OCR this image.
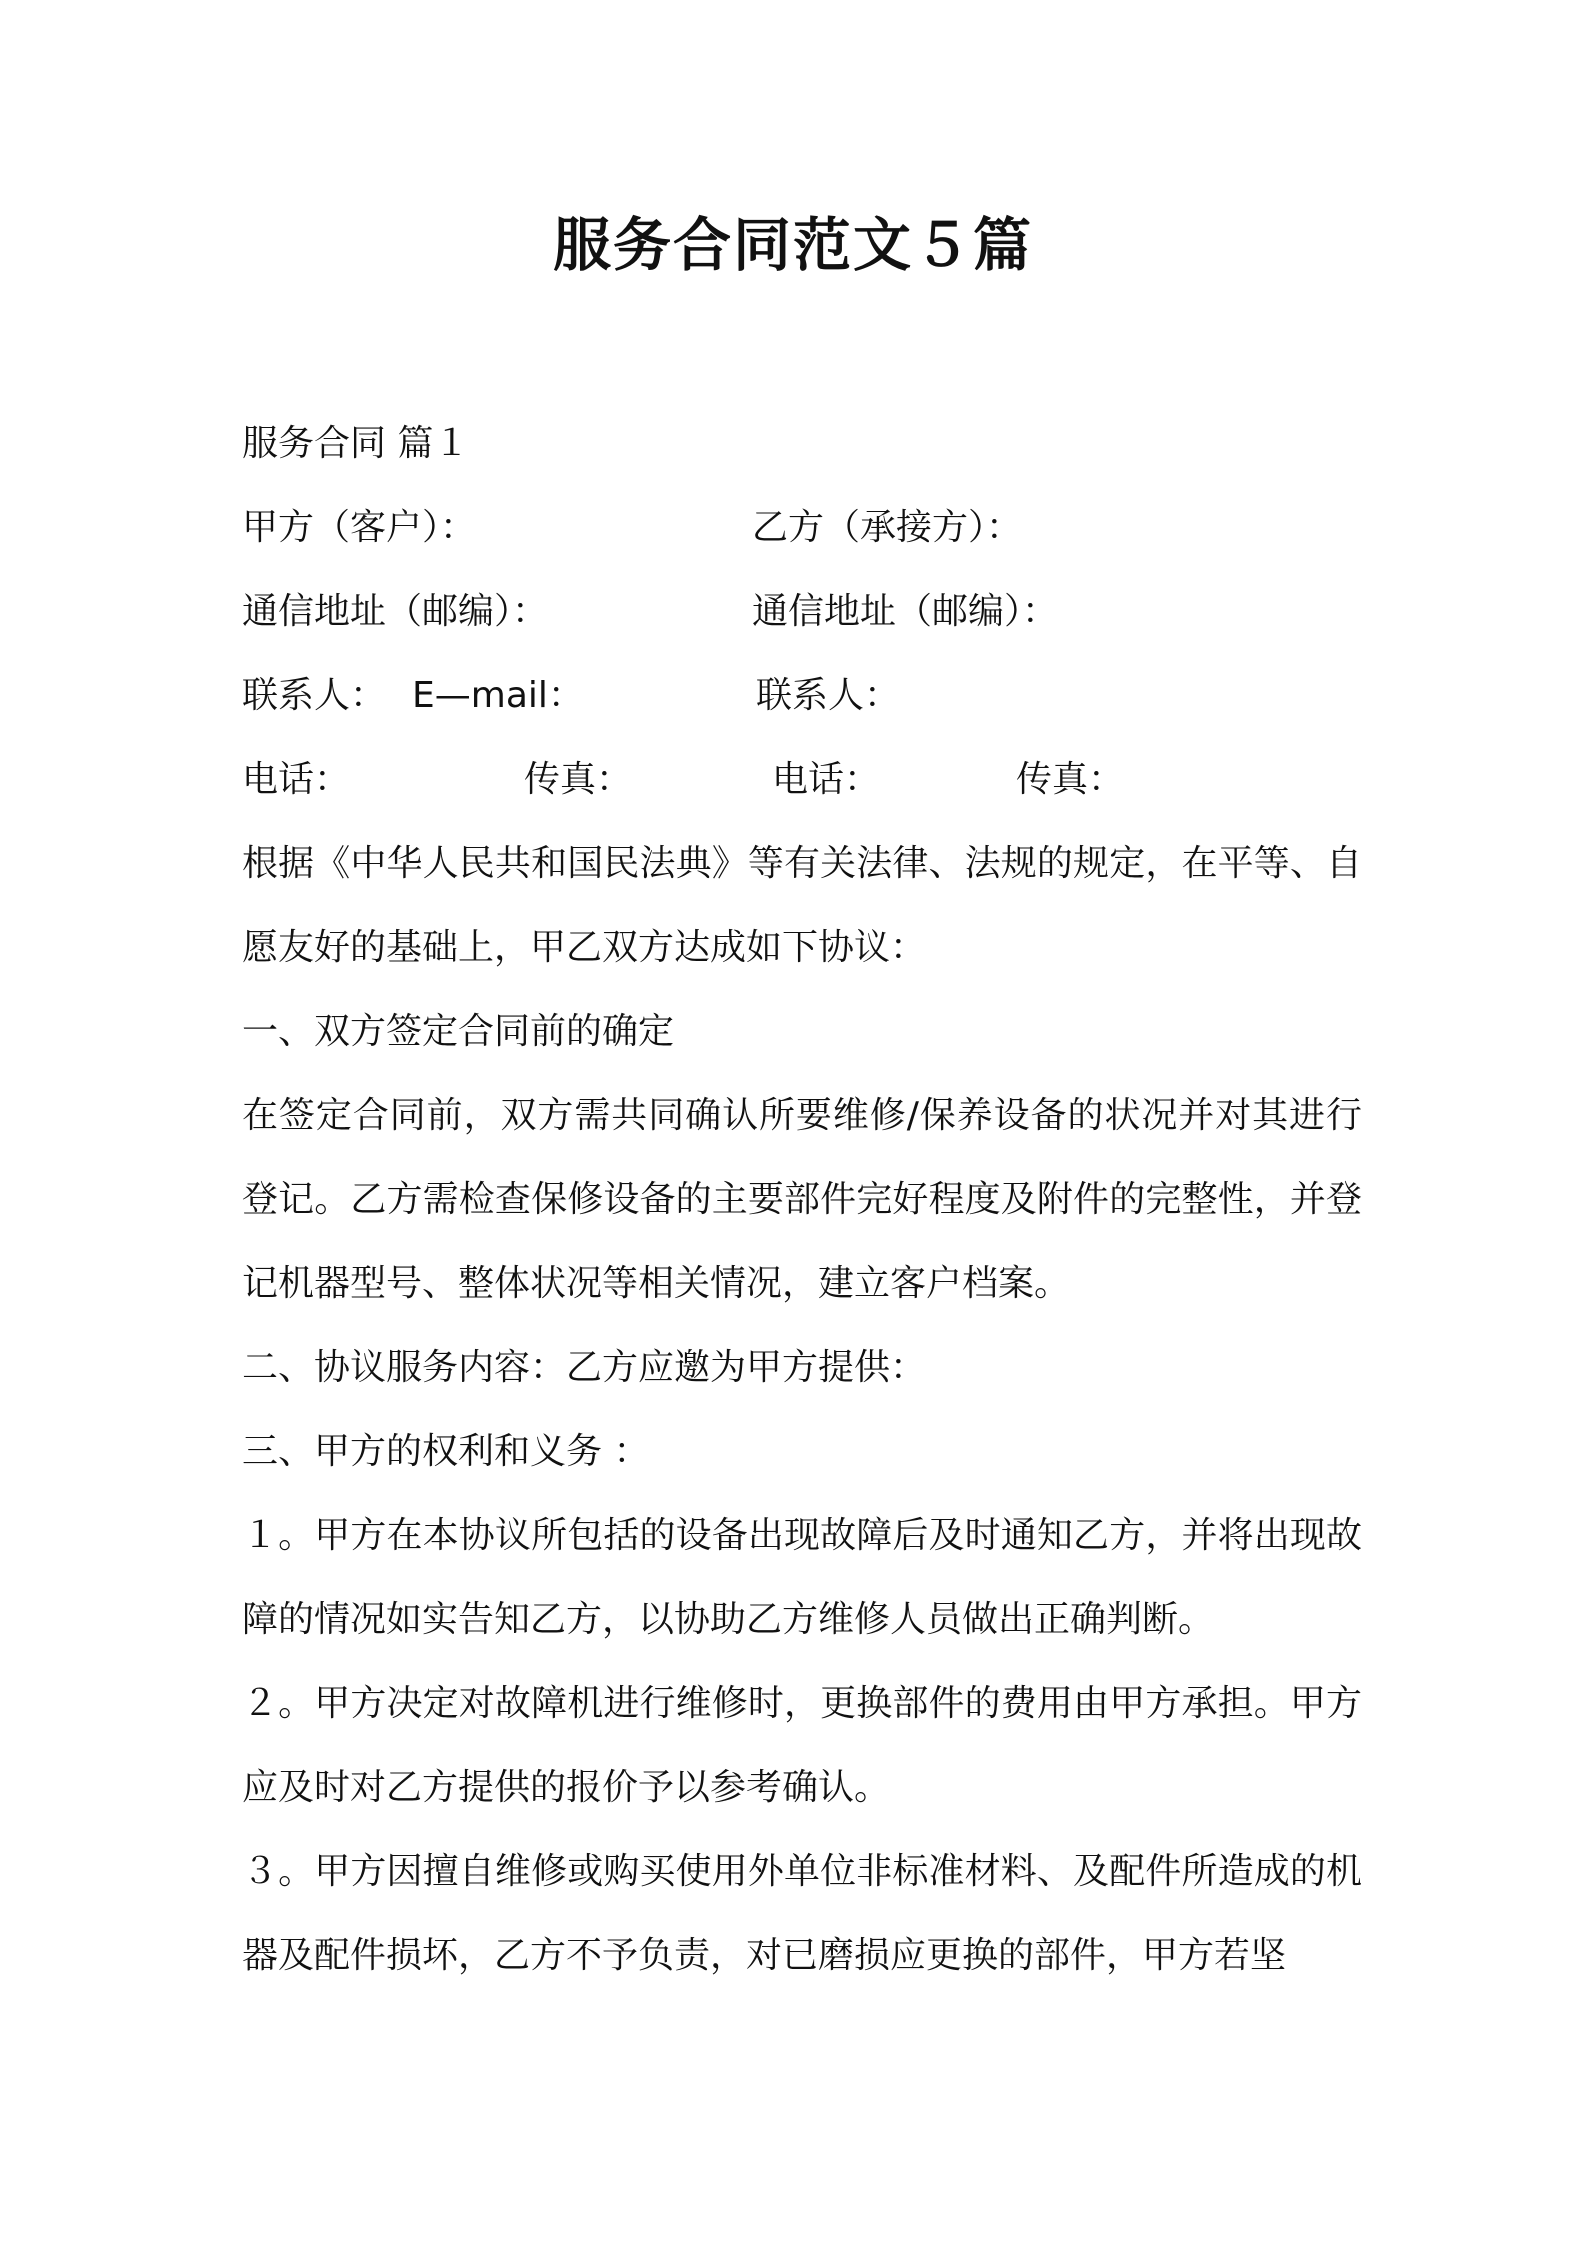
服务合同范文５篇
服务合同 篇１
甲方（客户）：	乙方（承接方）：
通信地址（邮编）：	通信地址（邮编）：
联系人： E—mail：	联系人：
电话：	传真：	电话：	传真：

根据《中华人民共和国民法典》等有关法律、法规的规定，在平等、自愿友好的基础上，甲乙双方达成如下协议：

一、双方签定合同前的确定

在签定合同前，双方需共同确认所要维修/保养设备的状况并对其进行登记。乙方需检查保修设备的主要部件完好程度及附件的完整性，并登记机器型号、整体状况等相关情况，建立客户档案。

二、协议服务内容：乙方应邀为甲方提供：

三、甲方的权利和义务 ：

１。甲方在本协议所包括的设备出现故障后及时通知乙方，并将出现故障的情况如实告知乙方，以协助乙方维修人员做出正确判断。

２。甲方决定对故障机进行维修时，更换部件的费用由甲方承担。甲方应及时对乙方提供的报价予以参考确认。

３。甲方因擅自维修或购买使用外单位非标准材料、及配件所造成的机器及配件损坏，乙方不予负责，对已磨损应更换的部件，甲方若坚
